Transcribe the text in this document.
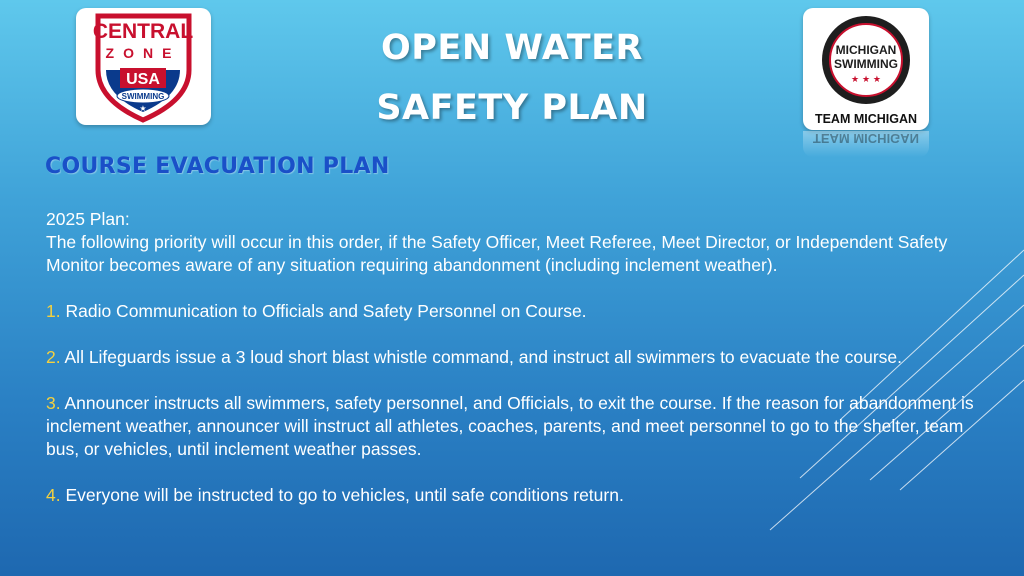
CENTRAL
ZONE
USA
SWIMMING
★
OPEN WATER
SAFETY PLAN
MICHIGAN
SWIMMING
★ ★ ★
TEAM MICHIGAN
TEAM MICHIGAN
COURSE EVACUATION PLAN

2025 Plan:

The following priority will occur in this order, if the Safety Officer, Meet Referee, Meet Director, or Independent Safety Monitor becomes aware of any situation requiring abandonment (including inclement weather).

1. Radio Communication to Officials and Safety Personnel on Course.

2. All Lifeguards issue a 3 loud short blast whistle command, and instruct all swimmers to evacuate the course.

3. Announcer instructs all swimmers, safety personnel, and Officials, to exit the course. If the reason for abandonment is inclement weather, announcer will instruct all athletes, coaches, parents, and meet personnel to go to the shelter, team bus, or vehicles, until inclement weather passes.

4. Everyone will be instructed to go to vehicles, until safe conditions return.
